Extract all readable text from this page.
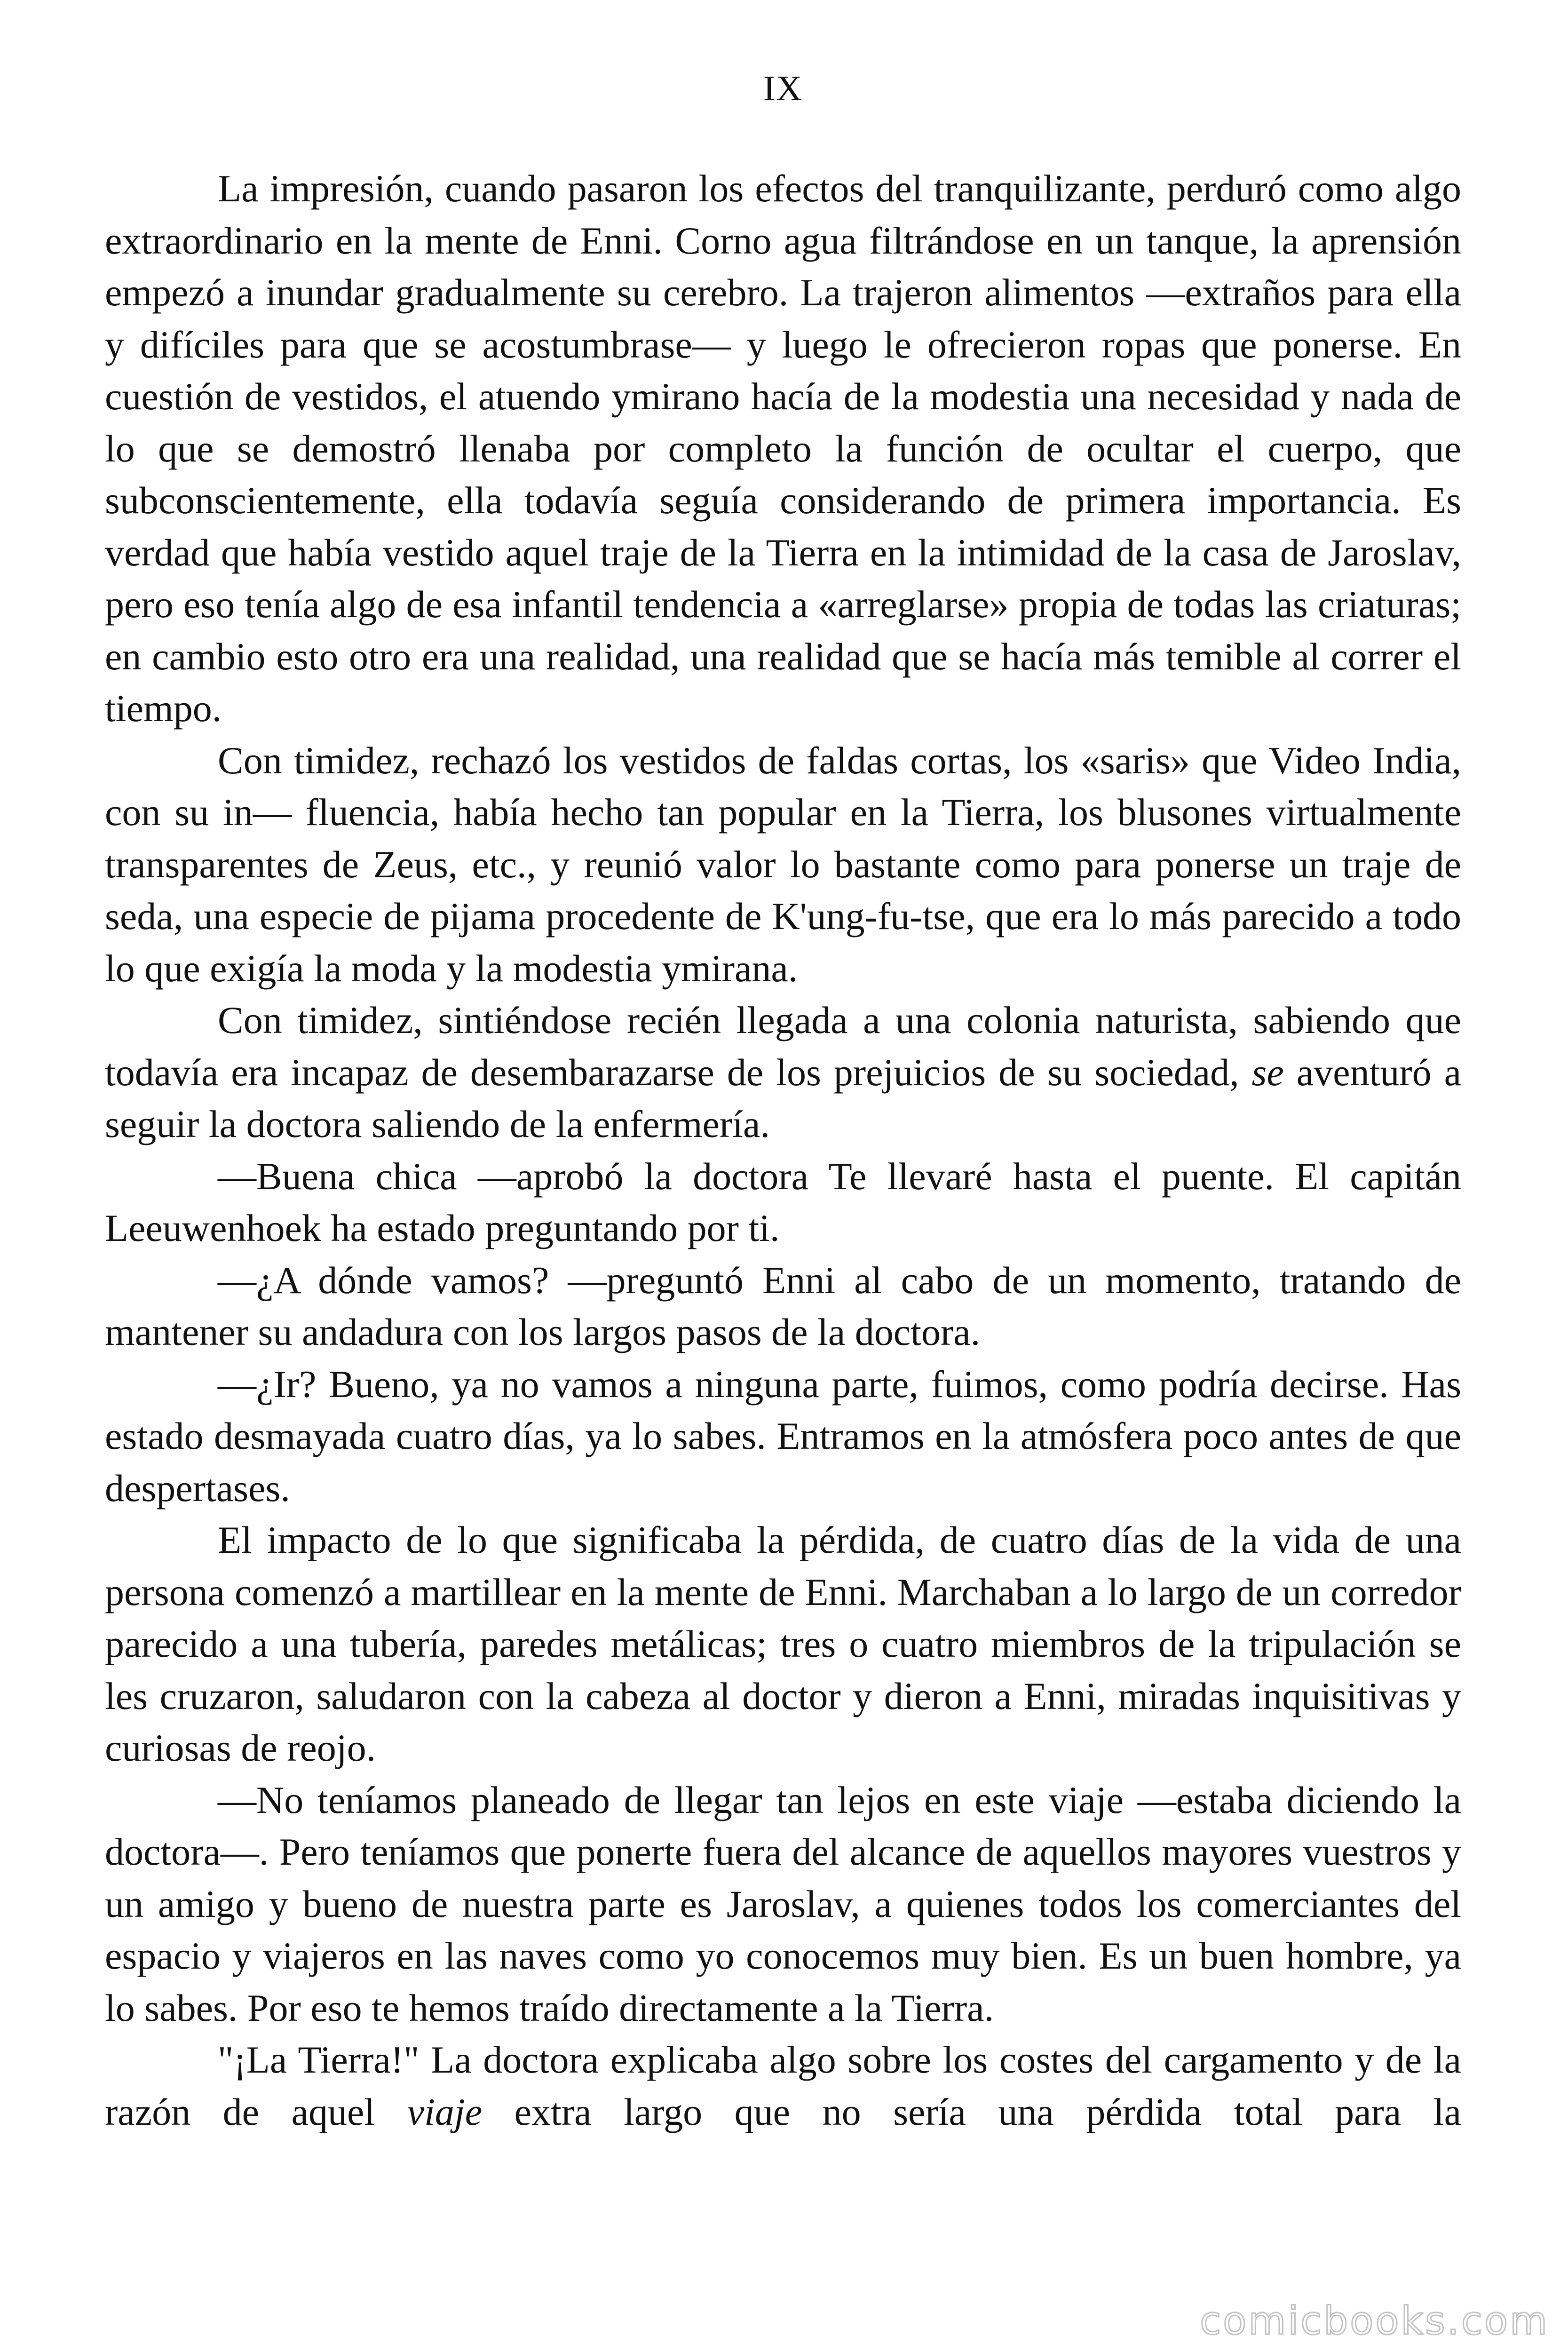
IX

La impresión, cuando pasaron los efectos del tranquilizante, perduró como algo extraordinario en la mente de Enni. Corno agua filtrándose en un tanque, la aprensión empezó a inundar gradualmente su cerebro. La trajeron alimentos —extraños para ella y difíciles para que se acostumbrase— y luego le ofrecieron ropas que ponerse. En cuestión de vestidos, el atuendo ymirano hacía de la modestia una necesidad y nada de lo que se demostró llenaba por completo la función de ocultar el cuerpo, que subconscientemente, ella todavía seguía considerando de primera importancia. Es verdad que había vestido aquel traje de la Tierra en la intimidad de la casa de Jaroslav, pero eso tenía algo de esa infantil tendencia a «arreglarse» propia de todas las criaturas; en cambio esto otro era una realidad, una realidad que se hacía más temible al correr el tiempo.

Con timidez, rechazó los vestidos de faldas cortas, los «saris» que Video India, con su in— fluencia, había hecho tan popular en la Tierra, los blusones virtualmente transparentes de Zeus, etc., y reunió valor lo bastante como para ponerse un traje de seda, una especie de pijama procedente de K'ung-fu-tse, que era lo más parecido a todo lo que exigía la moda y la modestia ymirana.

Con timidez, sintiéndose recién llegada a una colonia naturista, sabiendo que todavía era incapaz de desembarazarse de los prejuicios de su sociedad, se aventuró a seguir la doctora saliendo de la enfermería.

—Buena chica —aprobó la doctora Te llevaré hasta el puente. El capitán Leeuwenhoek ha estado preguntando por ti.

—¿A dónde vamos? —preguntó Enni al cabo de un momento, tratando de mantener su andadura con los largos pasos de la doctora.

—¿Ir? Bueno, ya no vamos a ninguna parte, fuimos, como podría decirse. Has estado desmayada cuatro días, ya lo sabes. Entramos en la atmósfera poco antes de que despertases.

El impacto de lo que significaba la pérdida, de cuatro días de la vida de una persona comenzó a martillear en la mente de Enni. Marchaban a lo largo de un corredor parecido a una tubería, paredes metálicas; tres o cuatro miembros de la tripulación se les cruzaron, saludaron con la cabeza al doctor y dieron a Enni, miradas inquisitivas y curiosas de reojo.

—No teníamos planeado de llegar tan lejos en este viaje —estaba diciendo la doctora—. Pero teníamos que ponerte fuera del alcance de aquellos mayores vuestros y un amigo y bueno de nuestra parte es Jaroslav, a quienes todos los comerciantes del espacio y viajeros en las naves como yo conocemos muy bien. Es un buen hombre, ya lo sabes. Por eso te hemos traído directamente a la Tierra.

"¡La Tierra!" La doctora explicaba algo sobre los costes del cargamento y de la razón de aquel viaje extra largo que no sería una pérdida total para la

comicbooks.com
